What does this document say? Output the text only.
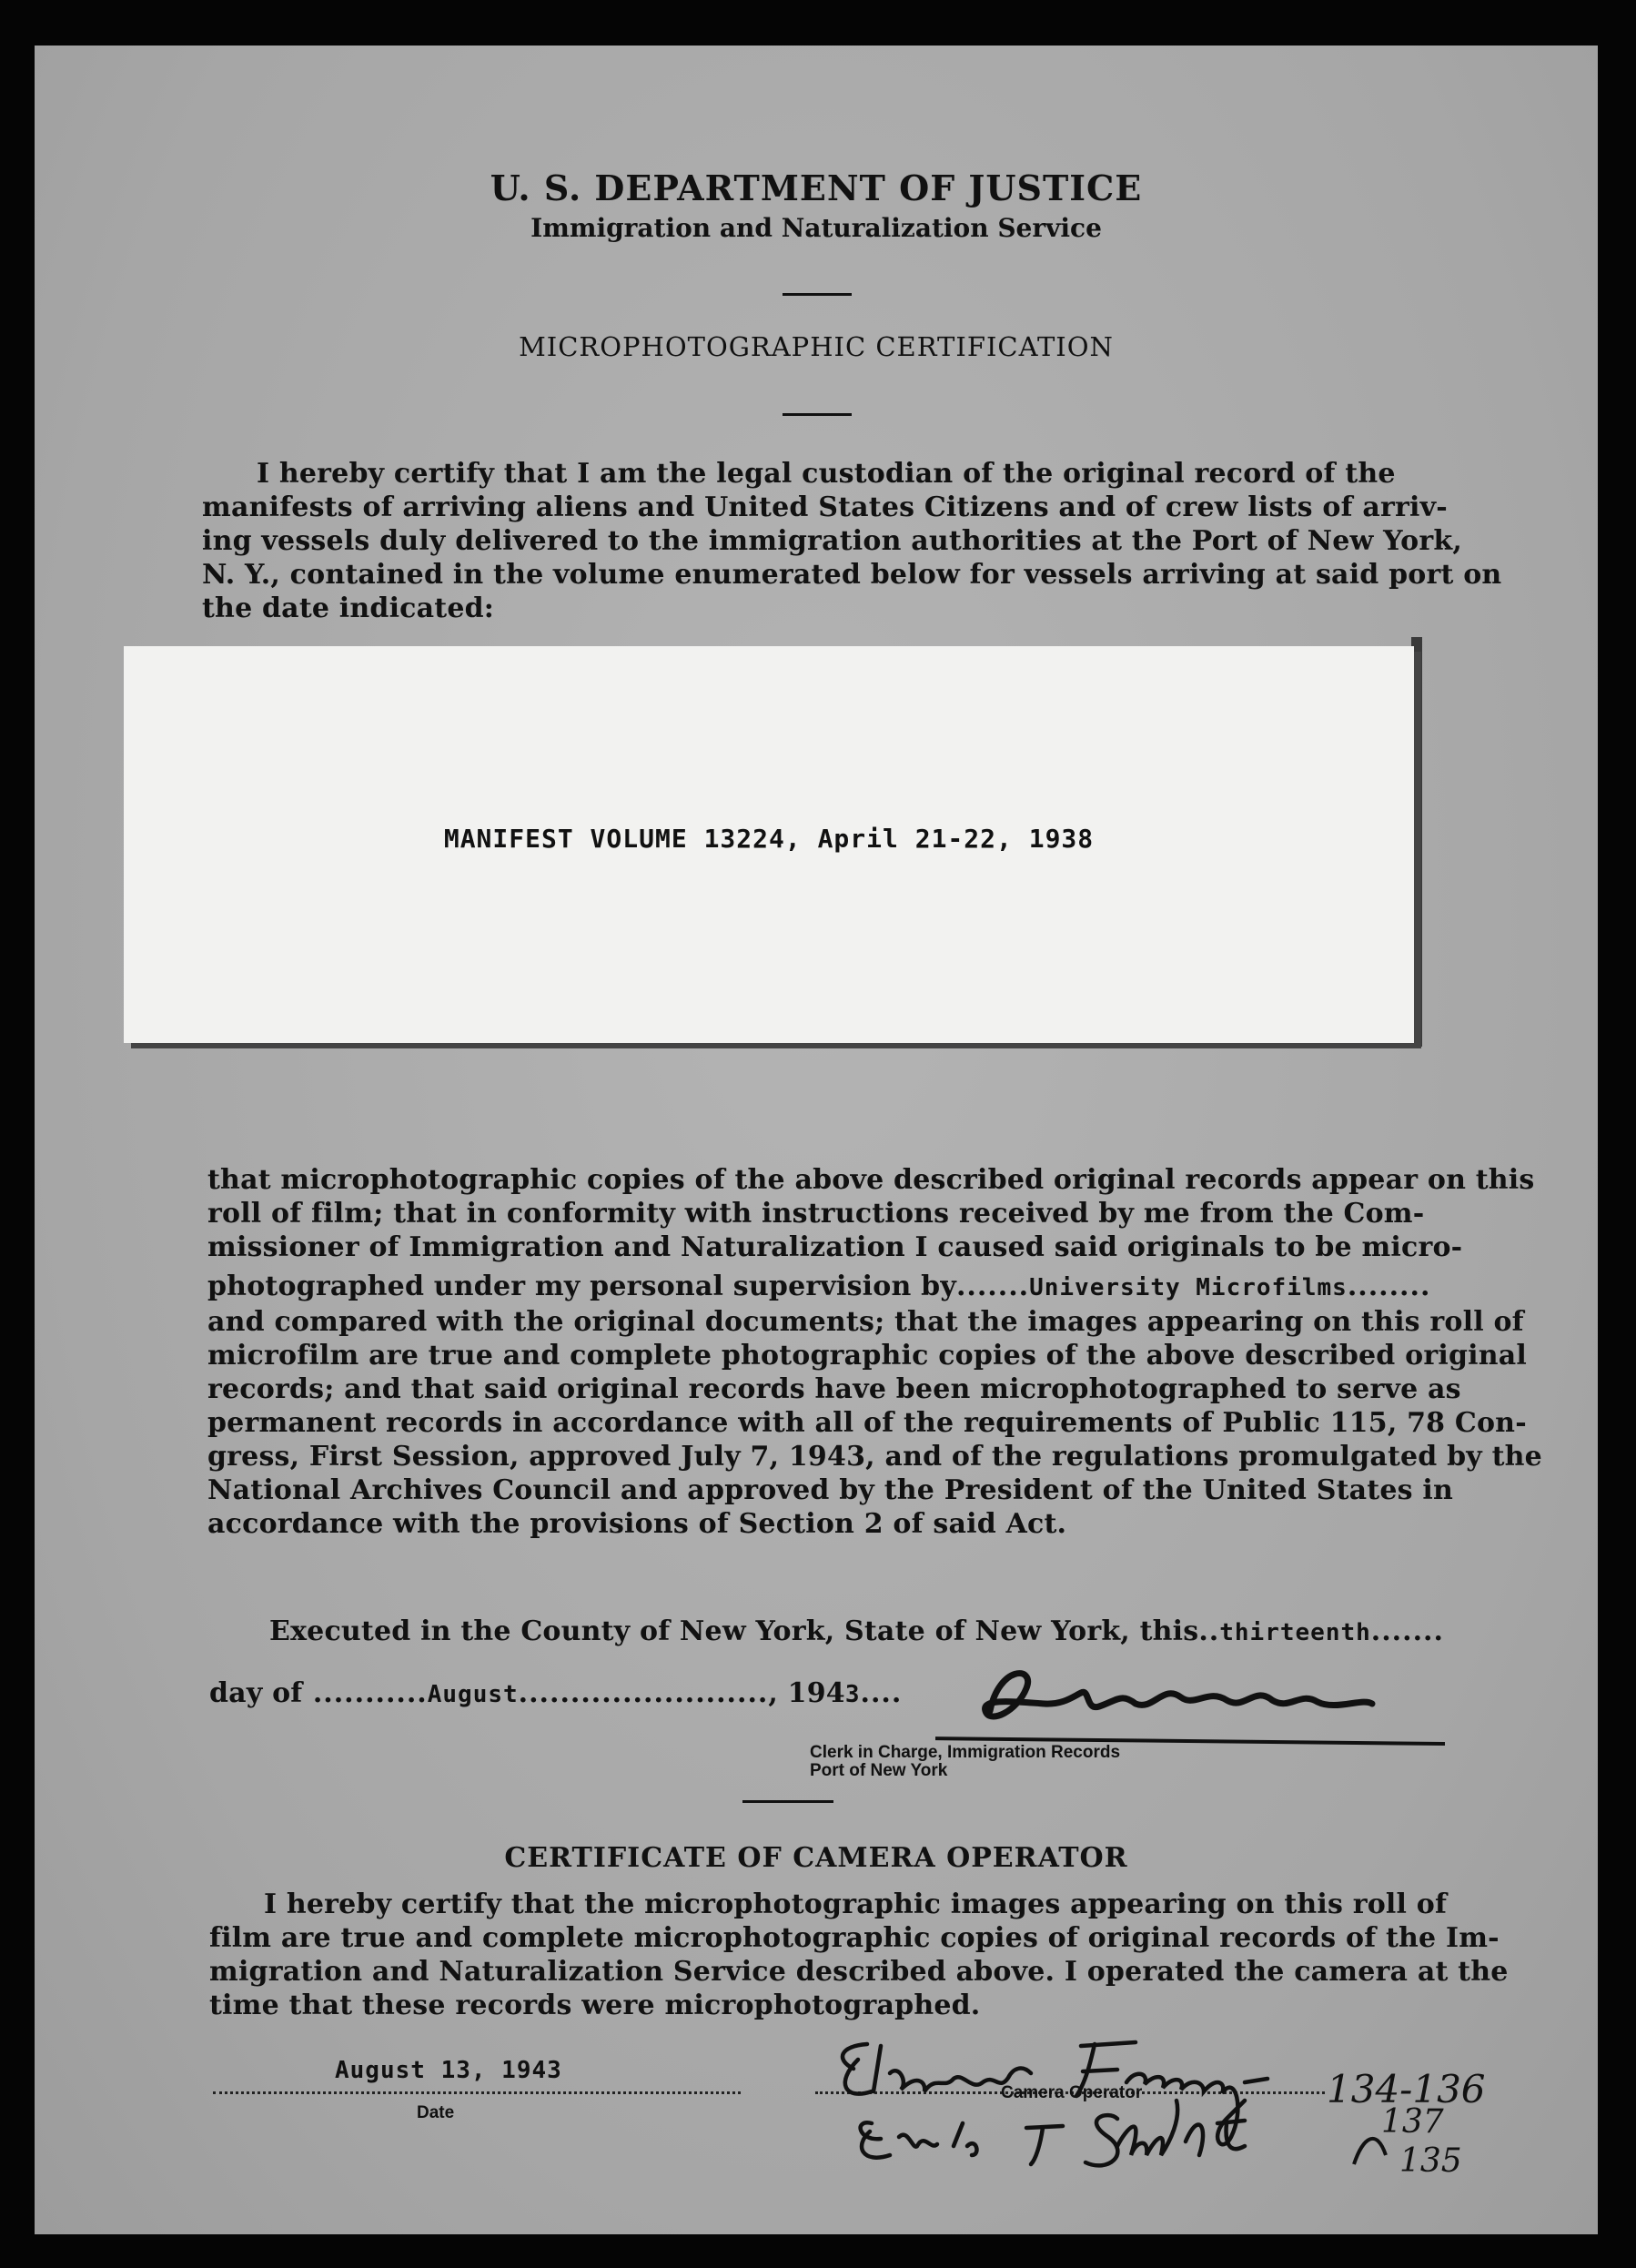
U. S. DEPARTMENT OF JUSTICE
Immigration and Naturalization Service
MICROPHOTOGRAPHIC CERTIFICATION
I hereby certify that I am the legal custodian of the original record of the
manifests of arriving aliens and United States Citizens and of crew lists of arriv-
ing vessels duly delivered to the immigration authorities at the Port of New York,
N. Y., contained in the volume enumerated below for vessels arriving at said port on
the date indicated:
MANIFEST VOLUME 13224, April 21-22, 1938
that microphotographic copies of the above described original records appear on this
roll of film; that in conformity with instructions received by me from the Com-
missioner of Immigration and Naturalization I caused said originals to be micro-
photographed under my personal supervision by.......University Microfilms........
and compared with the original documents; that the images appearing on this roll of
microfilm are true and complete photographic copies of the above described original
records; and that said original records have been microphotographed to serve as
permanent records in accordance with all of the requirements of Public 115, 78 Con-
gress, First Session, approved July 7, 1943, and of the regulations promulgated by the
National Archives Council and approved by the President of the United States in
accordance with the provisions of Section 2 of said Act.
Executed in the County of New York, State of New York, this..thirteenth.......
day of ...........August........................, 1943....
Clerk in Charge, Immigration Records
Port of New York
CERTIFICATE OF CAMERA OPERATOR
I hereby certify that the microphotographic images appearing on this roll of
film are true and complete microphotographic copies of original records of the Im-
migration and Naturalization Service described above. I operated the camera at the
time that these records were microphotographed.
August 13, 1943
Date
Camera Operator	134-136
137
135
